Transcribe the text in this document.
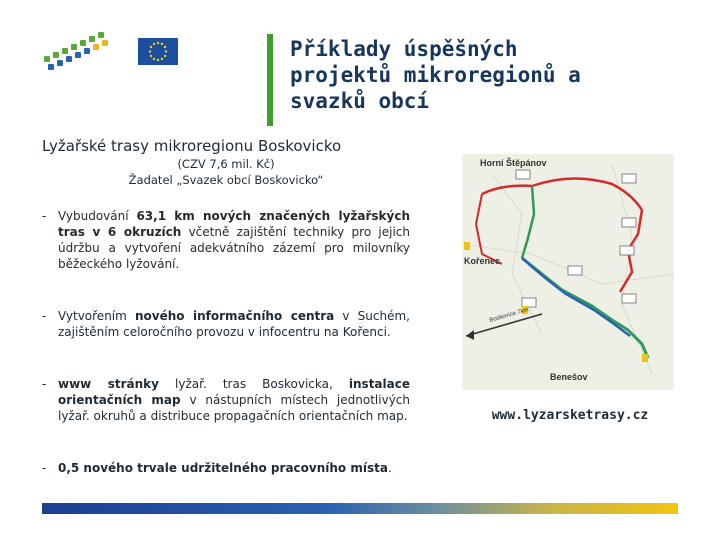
Příklady úspěšných
projektů mikroregionů a
svazků obcí
Lyžařské trasy mikroregionu Boskovicko
(CZV 7,6 mil. Kč)
Žadatel „Svazek obcí Boskovicko“
- Vybudování 63,1 km nových značených lyžařských tras v 6 okruzích včetně zajištění techniky pro jejich údržbu a vytvoření adekvátního zázemí pro milovníky běžeckého lyžování.
- Vytvořením nového informačního centra v Suchém, zajištěním celoročního provozu v infocentru na Kořenci.
- www stránky lyžař. tras Boskovicka, instalace orientačních map v nástupních místech jednotlivých lyžař. okruhů a distribuce propagačních orientačních map.
- 0,5 nového trvale udržitelného pracovního místa.
Horní Štěpánov
Kořenec
Benešov
Boskovice 7km
www.lyzarsketrasy.cz
